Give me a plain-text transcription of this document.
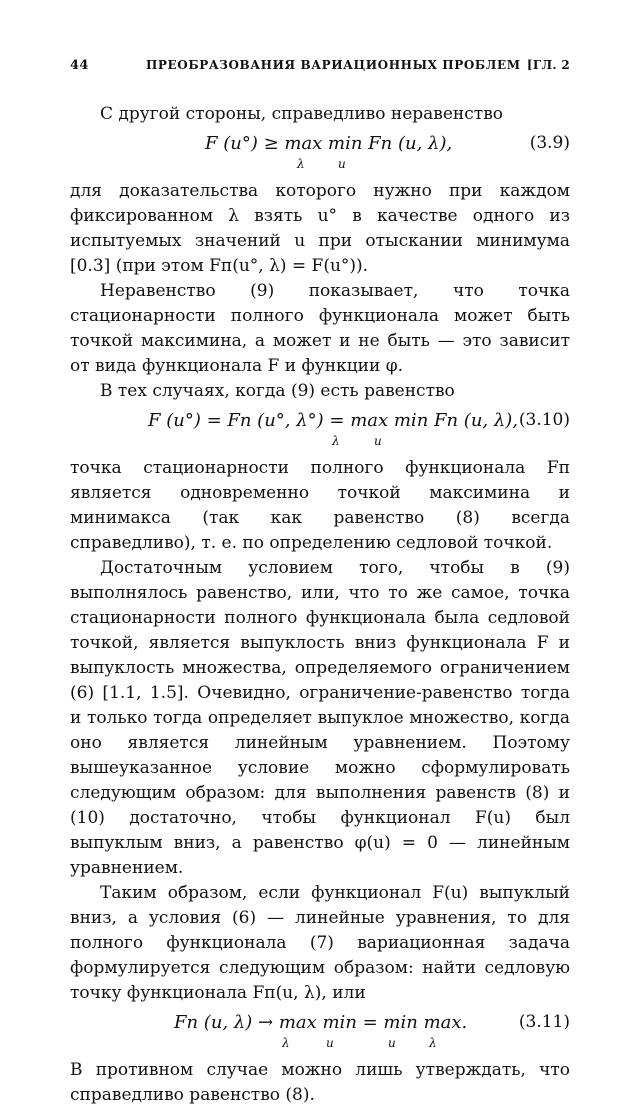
44	ПРЕОБРАЗОВАНИЯ ВАРИАЦИОННЫХ ПРОБЛЕМ [ГЛ. 2

С другой стороны, справедливо неравенство

F (u°) ≥ max min Fп (u, λ),
λ	u
(3.9)

для доказательства которого нужно при каждом фиксированном λ взять u° в качестве одного из испытуемых значений u при отыскании минимума [0.3] (при этом Fп(u°, λ) = F(u°)).

Неравенство (9) показывает, что точка стационарности полного функционала может быть точкой максимина, а может и не быть — это зависит от вида функционала F и функции φ.

В тех случаях, когда (9) есть равенство

F (u°) = Fп (u°, λ°) = max min Fп (u, λ),
λ	u
(3.10)

точка стационарности полного функционала Fп является одновременно точкой максимина и минимакса (так как равенство (8) всегда справедливо), т. е. по определению седловой точкой.

Достаточным условием того, чтобы в (9) выполнялось равенство, или, что то же самое, точка стационарности полного функционала была седловой точкой, является выпуклость вниз функционала F и выпуклость множества, определяемого ограничением (6) [1.1, 1.5]. Очевидно, ограничение-равенство тогда и только тогда определяет выпуклое множество, когда оно является линейным уравнением. Поэтому вышеуказанное условие можно сформулировать следующим образом: для выполнения равенств (8) и (10) достаточно, чтобы функционал F(u) был выпуклым вниз, а равенство φ(u) = 0 — линейным уравнением.

Таким образом, если функционал F(u) выпуклый вниз, а условия (6) — линейные уравнения, то для полного функционала (7) вариационная задача формулируется следующим образом: найти седловую точку функционала Fп(u, λ), или

Fп (u, λ) → max min = min max.
λ	u	u	λ
(3.11)

В противном случае можно лишь утверждать, что справедливо равенство (8).
